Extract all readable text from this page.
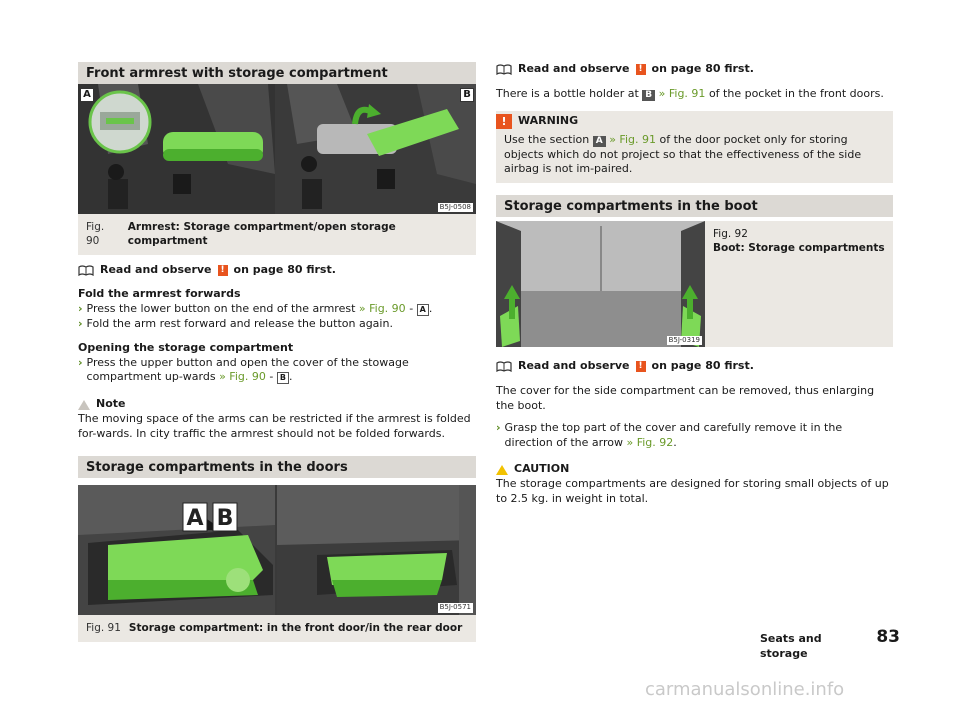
Front armrest with storage compartment
A	B
B5J-0508
Fig. 90
Armrest: Storage compartment/open storage compartment
Read and observe ! on page 80 first.
Fold the armrest forwards
› Press the lower button on the end of the armrest » Fig. 90 - A .
› Fold the arm rest forward and release the button again.
Opening the storage compartment
› Press the upper button and open the cover of the stowage compartment up-wards » Fig. 90 - B .
Note
The moving space of the arms can be restricted if the armrest is folded for-wards. In city traffic the armrest should not be folded forwards.
Storage compartments in the doors
A B
B5J-0571
Fig. 91 Storage compartment: in the front door/in the rear door
Read and observe ! on page 80 first.
There is a bottle holder at B » Fig. 91 of the pocket in the front doors.
!	WARNING
Use the section A » Fig. 91 of the door pocket only for storing objects which do not project so that the effectiveness of the side airbag is not im-paired.
Storage compartments in the boot
B5J-0319
Fig. 92
Boot: Storage compartments
Read and observe ! on page 80 first.
The cover for the side compartment can be removed, thus enlarging the boot.
› Grasp the top part of the cover and carefully remove it in the direction of the arrow » Fig. 92.
CAUTION
The storage compartments are designed for storing small objects of up to 2.5 kg. in weight in total.
Seats and storage
83
carmanualsonline.info
